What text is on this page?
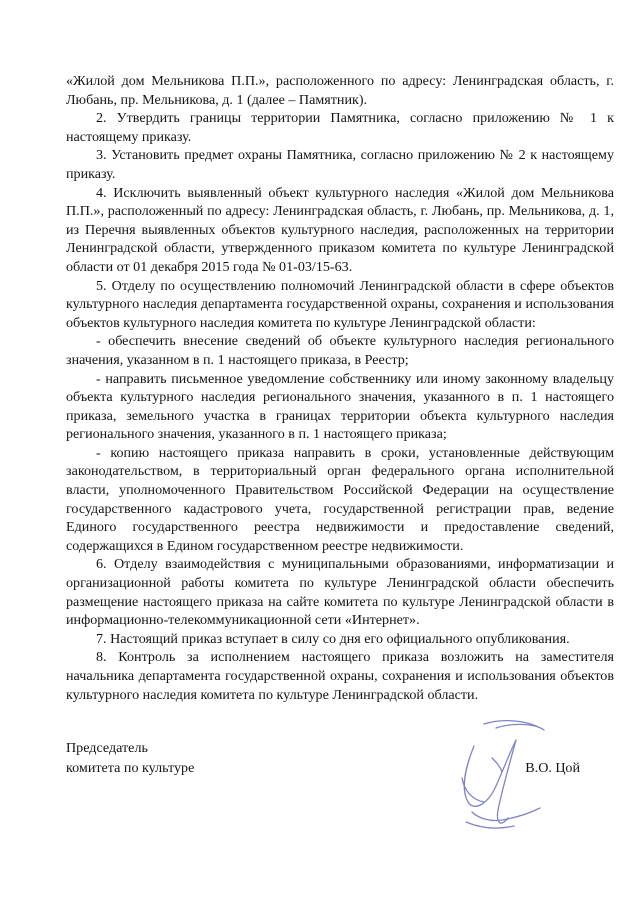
«Жилой дом Мельникова П.П.», расположенного по адресу: Ленинградская область, г. Любань, пр. Мельникова, д. 1 (далее – Памятник).

2. Утвердить границы территории Памятника, согласно приложению № 1 к настоящему приказу.

3. Установить предмет охраны Памятника, согласно приложению № 2 к настоящему приказу.

4. Исключить выявленный объект культурного наследия «Жилой дом Мельникова П.П.», расположенный по адресу: Ленинградская область, г. Любань, пр. Мельникова, д. 1, из Перечня выявленных объектов культурного наследия, расположенных на территории Ленинградской области, утвержденного приказом комитета по культуре Ленинградской области от 01 декабря 2015 года № 01-03/15-63.

5. Отделу по осуществлению полномочий Ленинградской области в сфере объектов культурного наследия департамента государственной охраны, сохранения и использования объектов культурного наследия комитета по культуре Ленинградской области:

- обеспечить внесение сведений об объекте культурного наследия регионального значения, указанном в п. 1 настоящего приказа, в Реестр;

- направить письменное уведомление собственнику или иному законному владельцу объекта культурного наследия регионального значения, указанного в п. 1 настоящего приказа, земельного участка в границах территории объекта культурного наследия регионального значения, указанного в п. 1 настоящего приказа;

- копию настоящего приказа направить в сроки, установленные действующим законодательством, в территориальный орган федерального органа исполнительной власти, уполномоченного Правительством Российской Федерации на осуществление государственного кадастрового учета, государственной регистрации прав, ведение Единого государственного реестра недвижимости и предоставление сведений, содержащихся в Едином государственном реестре недвижимости.

6. Отделу взаимодействия с муниципальными образованиями, информатизации и организационной работы комитета по культуре Ленинградской области обеспечить размещение настоящего приказа на сайте комитета по культуре Ленинградской области в информационно-телекоммуникационной сети «Интернет».

7. Настоящий приказ вступает в силу со дня его официального опубликования.

8. Контроль за исполнением настоящего приказа возложить на заместителя начальника департамента государственной охраны, сохранения и использования объектов культурного наследия комитета по культуре Ленинградской области.

Председатель
комитета по культуре	В.О. Цой
